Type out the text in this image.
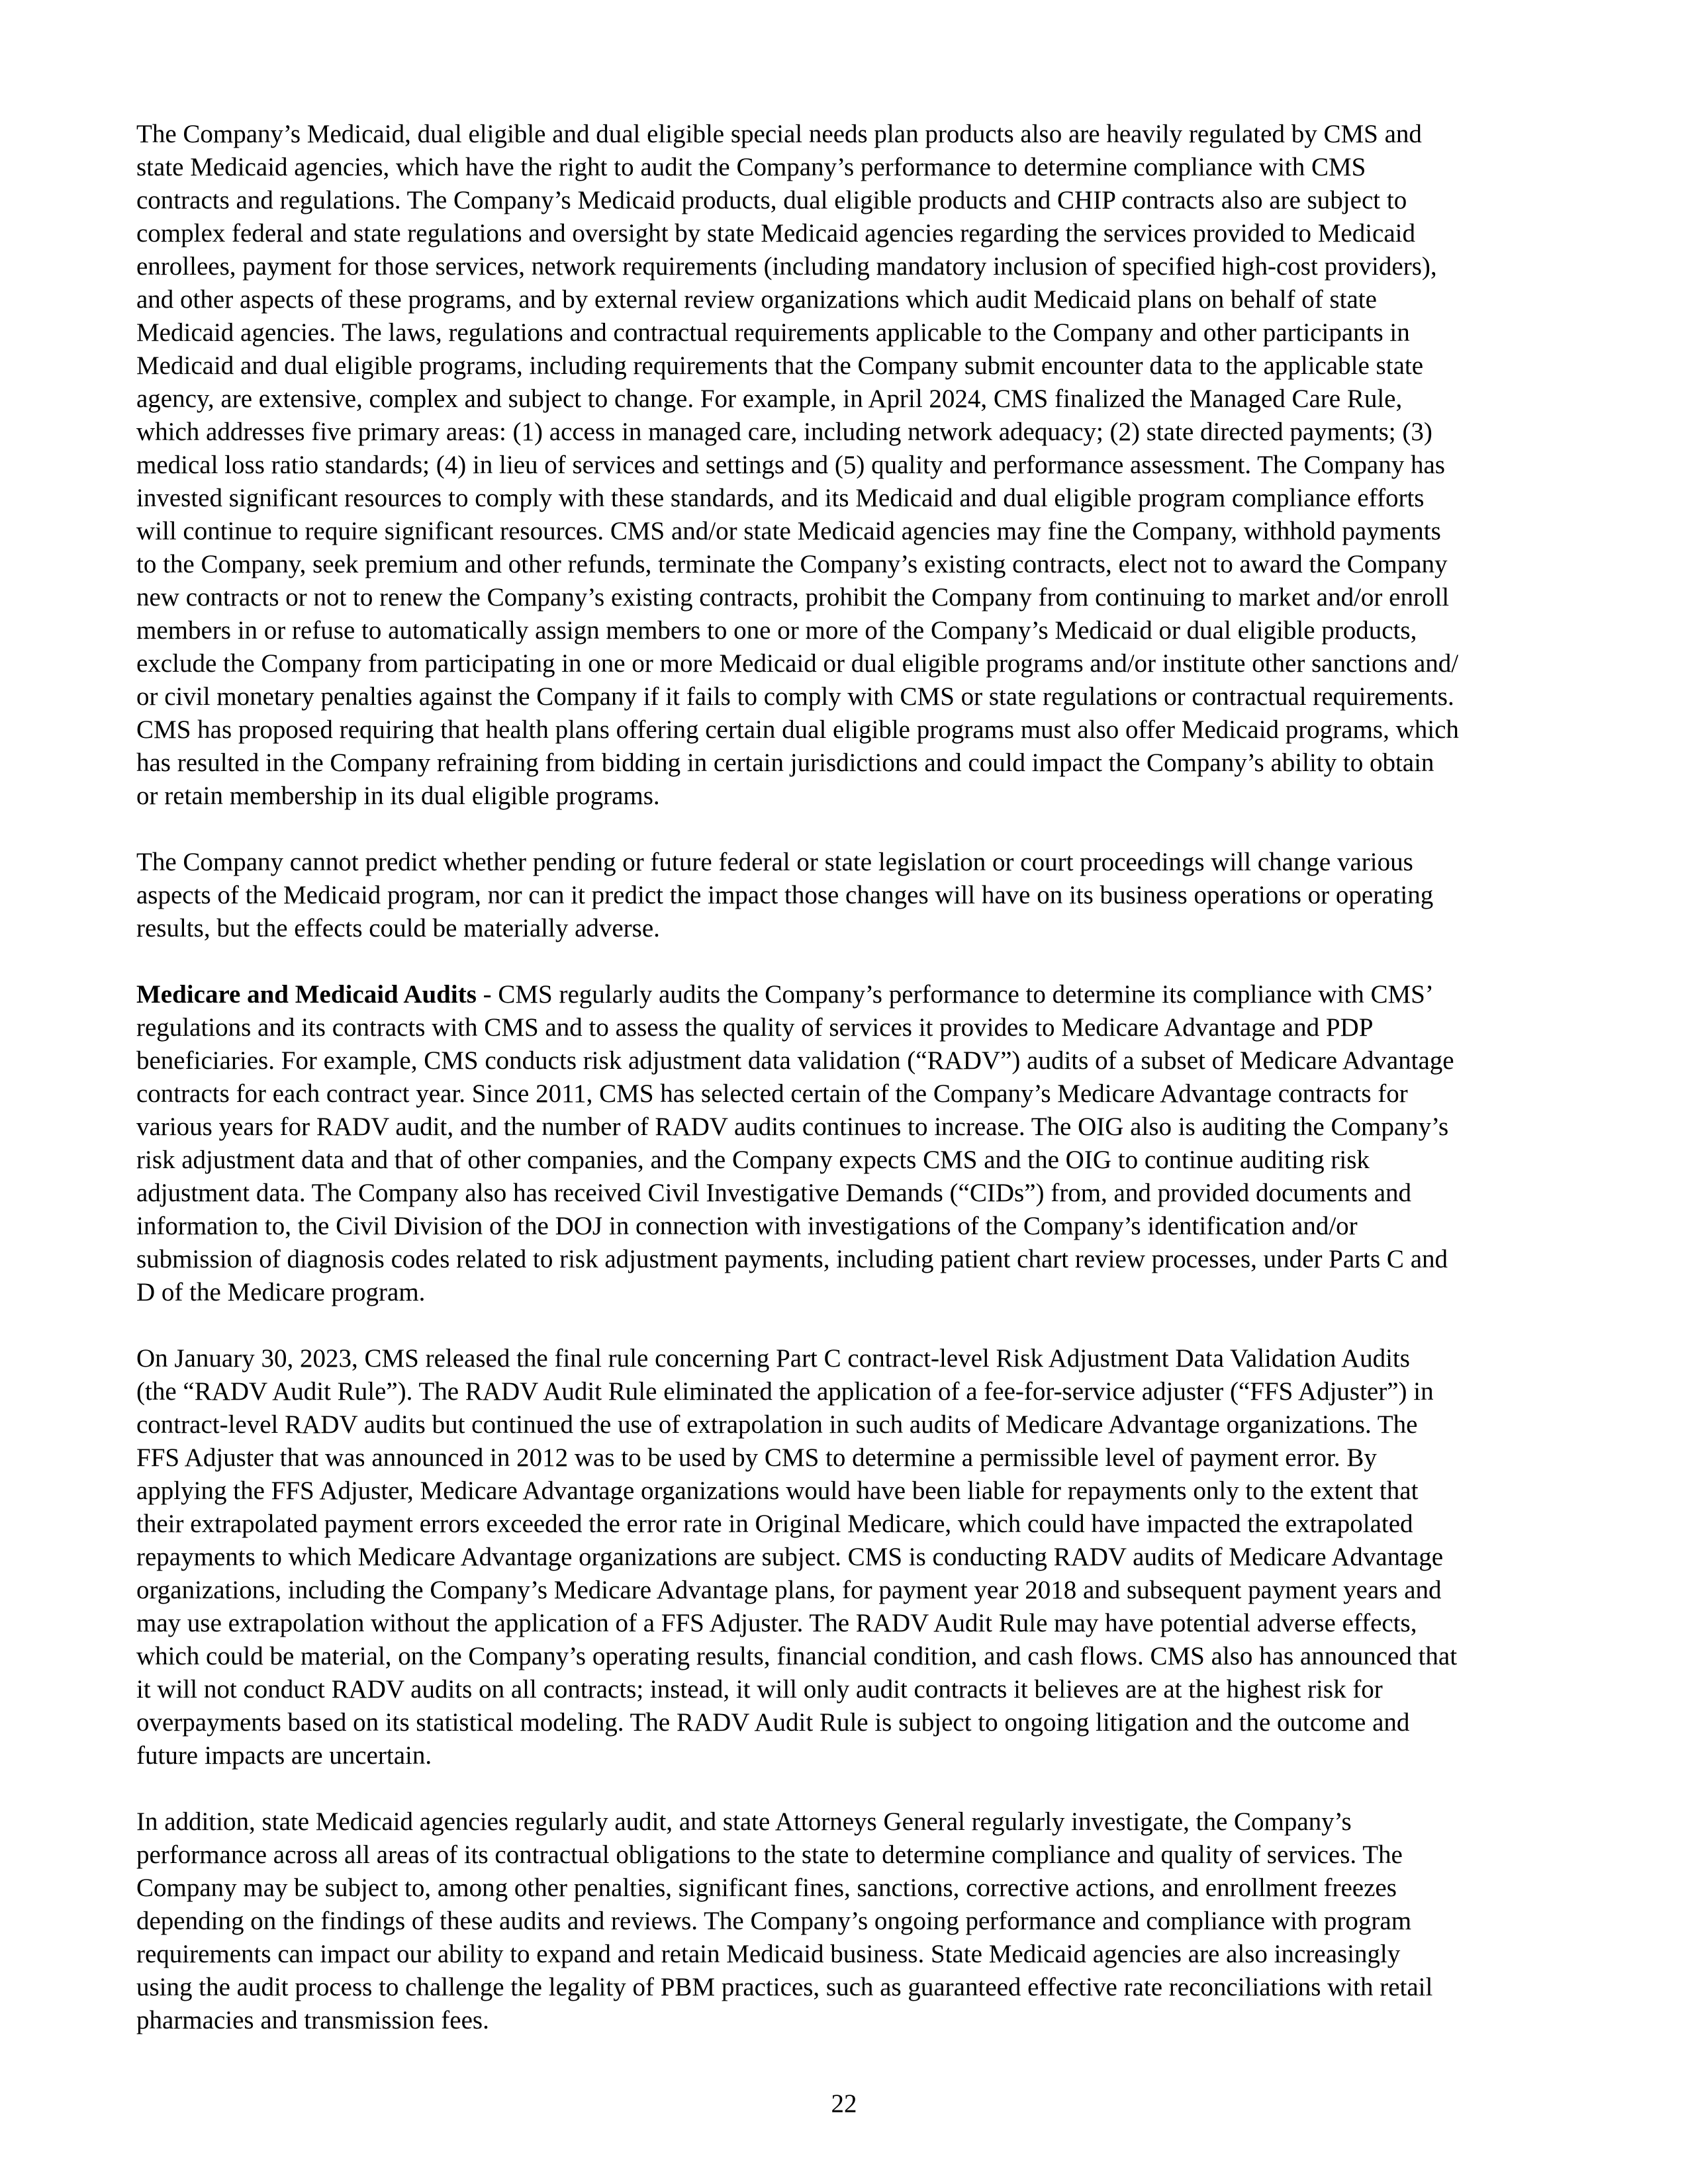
The Company’s Medicaid, dual eligible and dual eligible special needs plan products also are heavily regulated by CMS and
state Medicaid agencies, which have the right to audit the Company’s performance to determine compliance with CMS
contracts and regulations. The Company’s Medicaid products, dual eligible products and CHIP contracts also are subject to
complex federal and state regulations and oversight by state Medicaid agencies regarding the services provided to Medicaid
enrollees, payment for those services, network requirements (including mandatory inclusion of specified high-cost providers),
and other aspects of these programs, and by external review organizations which audit Medicaid plans on behalf of state
Medicaid agencies. The laws, regulations and contractual requirements applicable to the Company and other participants in
Medicaid and dual eligible programs, including requirements that the Company submit encounter data to the applicable state
agency, are extensive, complex and subject to change. For example, in April 2024, CMS finalized the Managed Care Rule,
which addresses five primary areas: (1) access in managed care, including network adequacy; (2) state directed payments; (3)
medical loss ratio standards; (4) in lieu of services and settings and (5) quality and performance assessment. The Company has
invested significant resources to comply with these standards, and its Medicaid and dual eligible program compliance efforts
will continue to require significant resources. CMS and/or state Medicaid agencies may fine the Company, withhold payments
to the Company, seek premium and other refunds, terminate the Company’s existing contracts, elect not to award the Company
new contracts or not to renew the Company’s existing contracts, prohibit the Company from continuing to market and/or enroll
members in or refuse to automatically assign members to one or more of the Company’s Medicaid or dual eligible products,
exclude the Company from participating in one or more Medicaid or dual eligible programs and/or institute other sanctions and/
or civil monetary penalties against the Company if it fails to comply with CMS or state regulations or contractual requirements.
CMS has proposed requiring that health plans offering certain dual eligible programs must also offer Medicaid programs, which
has resulted in the Company refraining from bidding in certain jurisdictions and could impact the Company’s ability to obtain
or retain membership in its dual eligible programs.

The Company cannot predict whether pending or future federal or state legislation or court proceedings will change various
aspects of the Medicaid program, nor can it predict the impact those changes will have on its business operations or operating
results, but the effects could be materially adverse.

Medicare and Medicaid Audits - CMS regularly audits the Company’s performance to determine its compliance with CMS’
regulations and its contracts with CMS and to assess the quality of services it provides to Medicare Advantage and PDP
beneficiaries. For example, CMS conducts risk adjustment data validation (“RADV”) audits of a subset of Medicare Advantage
contracts for each contract year. Since 2011, CMS has selected certain of the Company’s Medicare Advantage contracts for
various years for RADV audit, and the number of RADV audits continues to increase. The OIG also is auditing the Company’s
risk adjustment data and that of other companies, and the Company expects CMS and the OIG to continue auditing risk
adjustment data. The Company also has received Civil Investigative Demands (“CIDs”) from, and provided documents and
information to, the Civil Division of the DOJ in connection with investigations of the Company’s identification and/or
submission of diagnosis codes related to risk adjustment payments, including patient chart review processes, under Parts C and
D of the Medicare program.

On January 30, 2023, CMS released the final rule concerning Part C contract-level Risk Adjustment Data Validation Audits
(the “RADV Audit Rule”). The RADV Audit Rule eliminated the application of a fee-for-service adjuster (“FFS Adjuster”) in
contract-level RADV audits but continued the use of extrapolation in such audits of Medicare Advantage organizations. The
FFS Adjuster that was announced in 2012 was to be used by CMS to determine a permissible level of payment error. By
applying the FFS Adjuster, Medicare Advantage organizations would have been liable for repayments only to the extent that
their extrapolated payment errors exceeded the error rate in Original Medicare, which could have impacted the extrapolated
repayments to which Medicare Advantage organizations are subject. CMS is conducting RADV audits of Medicare Advantage
organizations, including the Company’s Medicare Advantage plans, for payment year 2018 and subsequent payment years and
may use extrapolation without the application of a FFS Adjuster. The RADV Audit Rule may have potential adverse effects,
which could be material, on the Company’s operating results, financial condition, and cash flows. CMS also has announced that
it will not conduct RADV audits on all contracts; instead, it will only audit contracts it believes are at the highest risk for
overpayments based on its statistical modeling. The RADV Audit Rule is subject to ongoing litigation and the outcome and
future impacts are uncertain.

In addition, state Medicaid agencies regularly audit, and state Attorneys General regularly investigate, the Company’s
performance across all areas of its contractual obligations to the state to determine compliance and quality of services. The
Company may be subject to, among other penalties, significant fines, sanctions, corrective actions, and enrollment freezes
depending on the findings of these audits and reviews. The Company’s ongoing performance and compliance with program
requirements can impact our ability to expand and retain Medicaid business. State Medicaid agencies are also increasingly
using the audit process to challenge the legality of PBM practices, such as guaranteed effective rate reconciliations with retail
pharmacies and transmission fees.

22
